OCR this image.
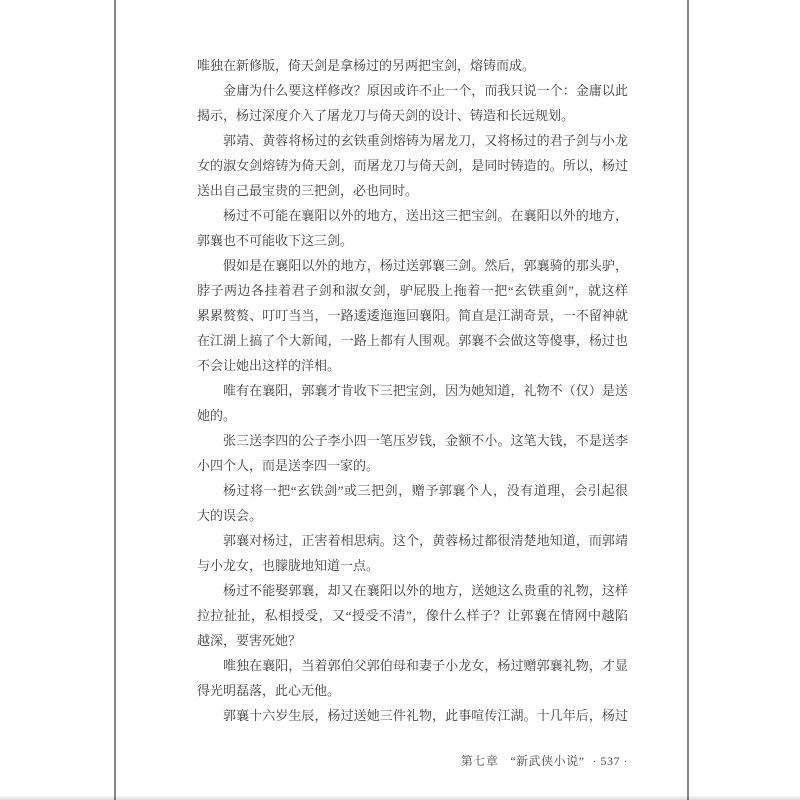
唯独在新修版，倚天剑是拿杨过的另两把宝剑，熔铸而成。
金庸为什么要这样修改？原因或许不止一个，而我只说一个：金庸以此
揭示，杨过深度介入了屠龙刀与倚天剑的设计、铸造和长远规划。
郭靖、黄蓉将杨过的玄铁重剑熔铸为屠龙刀，又将杨过的君子剑与小龙
女的淑女剑熔铸为倚天剑，而屠龙刀与倚天剑，是同时铸造的。所以，杨过
送出自己最宝贵的三把剑，必也同时。
杨过不可能在襄阳以外的地方，送出这三把宝剑。在襄阳以外的地方，
郭襄也不可能收下这三剑。
假如是在襄阳以外的地方，杨过送郭襄三剑。然后，郭襄骑的那头驴，
脖子两边各挂着君子剑和淑女剑，驴屁股上拖着一把“玄铁重剑”，就这样
累累赘赘、叮叮当当，一路逶逶迤迤回襄阳。简直是江湖奇景，一不留神就
在江湖上搞了个大新闻，一路上都有人围观。郭襄不会做这等傻事，杨过也
不会让她出这样的洋相。
唯有在襄阳，郭襄才肯收下三把宝剑，因为她知道，礼物不（仅）是送
她的。
张三送李四的公子李小四一笔压岁钱，金额不小。这笔大钱，不是送李
小四个人，而是送李四一家的。
杨过将一把“玄铁剑”或三把剑，赠予郭襄个人，没有道理，会引起很
大的误会。
郭襄对杨过，正害着相思病。这个，黄蓉杨过都很清楚地知道，而郭靖
与小龙女，也朦胧地知道一点。
杨过不能娶郭襄，却又在襄阳以外的地方，送她这么贵重的礼物，这样
拉拉扯扯，私相授受，又“授受不清”，像什么样子？让郭襄在情网中越陷
越深，要害死她？
唯独在襄阳，当着郭伯父郭伯母和妻子小龙女，杨过赠郭襄礼物，才显
得光明磊落，此心无他。
郭襄十六岁生辰，杨过送她三件礼物，此事喧传江湖。十几年后，杨过
第七章 “新武侠小说” · 537 ·
